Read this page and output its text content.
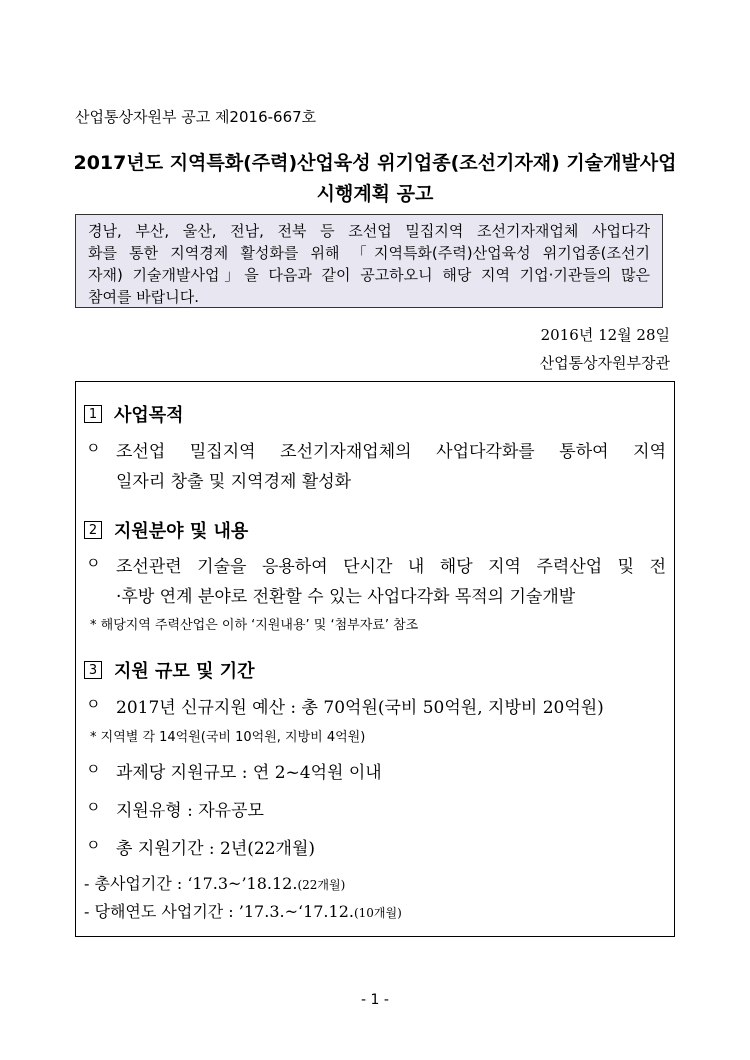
산업통상자원부 공고 제2016-667호
2017년도 지역특화(주력)산업육성 위기업종(조선기자재) 기술개발사업
시행계획 공고
경남, 부산, 울산, 전남, 전북 등 조선업 밀집지역 조선기자재업체 사업다각
화를 통한 지역경제 활성화를 위해 「지역특화(주력)산업육성 위기업종(조선기
자재) 기술개발사업」을 다음과 같이 공고하오니 해당 지역 기업·기관들의 많은
참여를 바랍니다.
2016년 12월 28일
산업통상자원부장관
1 사업목적
ㅇ 조선업 밀집지역 조선기자재업체의 사업다각화를 통하여 지역
일자리 창출 및 지역경제 활성화
2 지원분야 및 내용
ㅇ 조선관련 기술을 응용하여 단시간 내 해당 지역 주력산업 및 전
·후방 연계 분야로 전환할 수 있는 사업다각화 목적의 기술개발
* 해당지역 주력산업은 이하 ‘지원내용’ 및 ‘첨부자료’ 참조
3 지원 규모 및 기간
ㅇ 2017년 신규지원 예산 : 총 70억원(국비 50억원, 지방비 20억원)
* 지역별 각 14억원(국비 10억원, 지방비 4억원)
ㅇ 과제당 지원규모 : 연 2~4억원 이내
ㅇ 지원유형 : 자유공모
ㅇ 총 지원기간 : 2년(22개월)
- 총사업기간 : ‘17.3~’18.12.(22개월)
- 당해연도 사업기간 : ’17.3.~‘17.12.(10개월)
- 1 -
